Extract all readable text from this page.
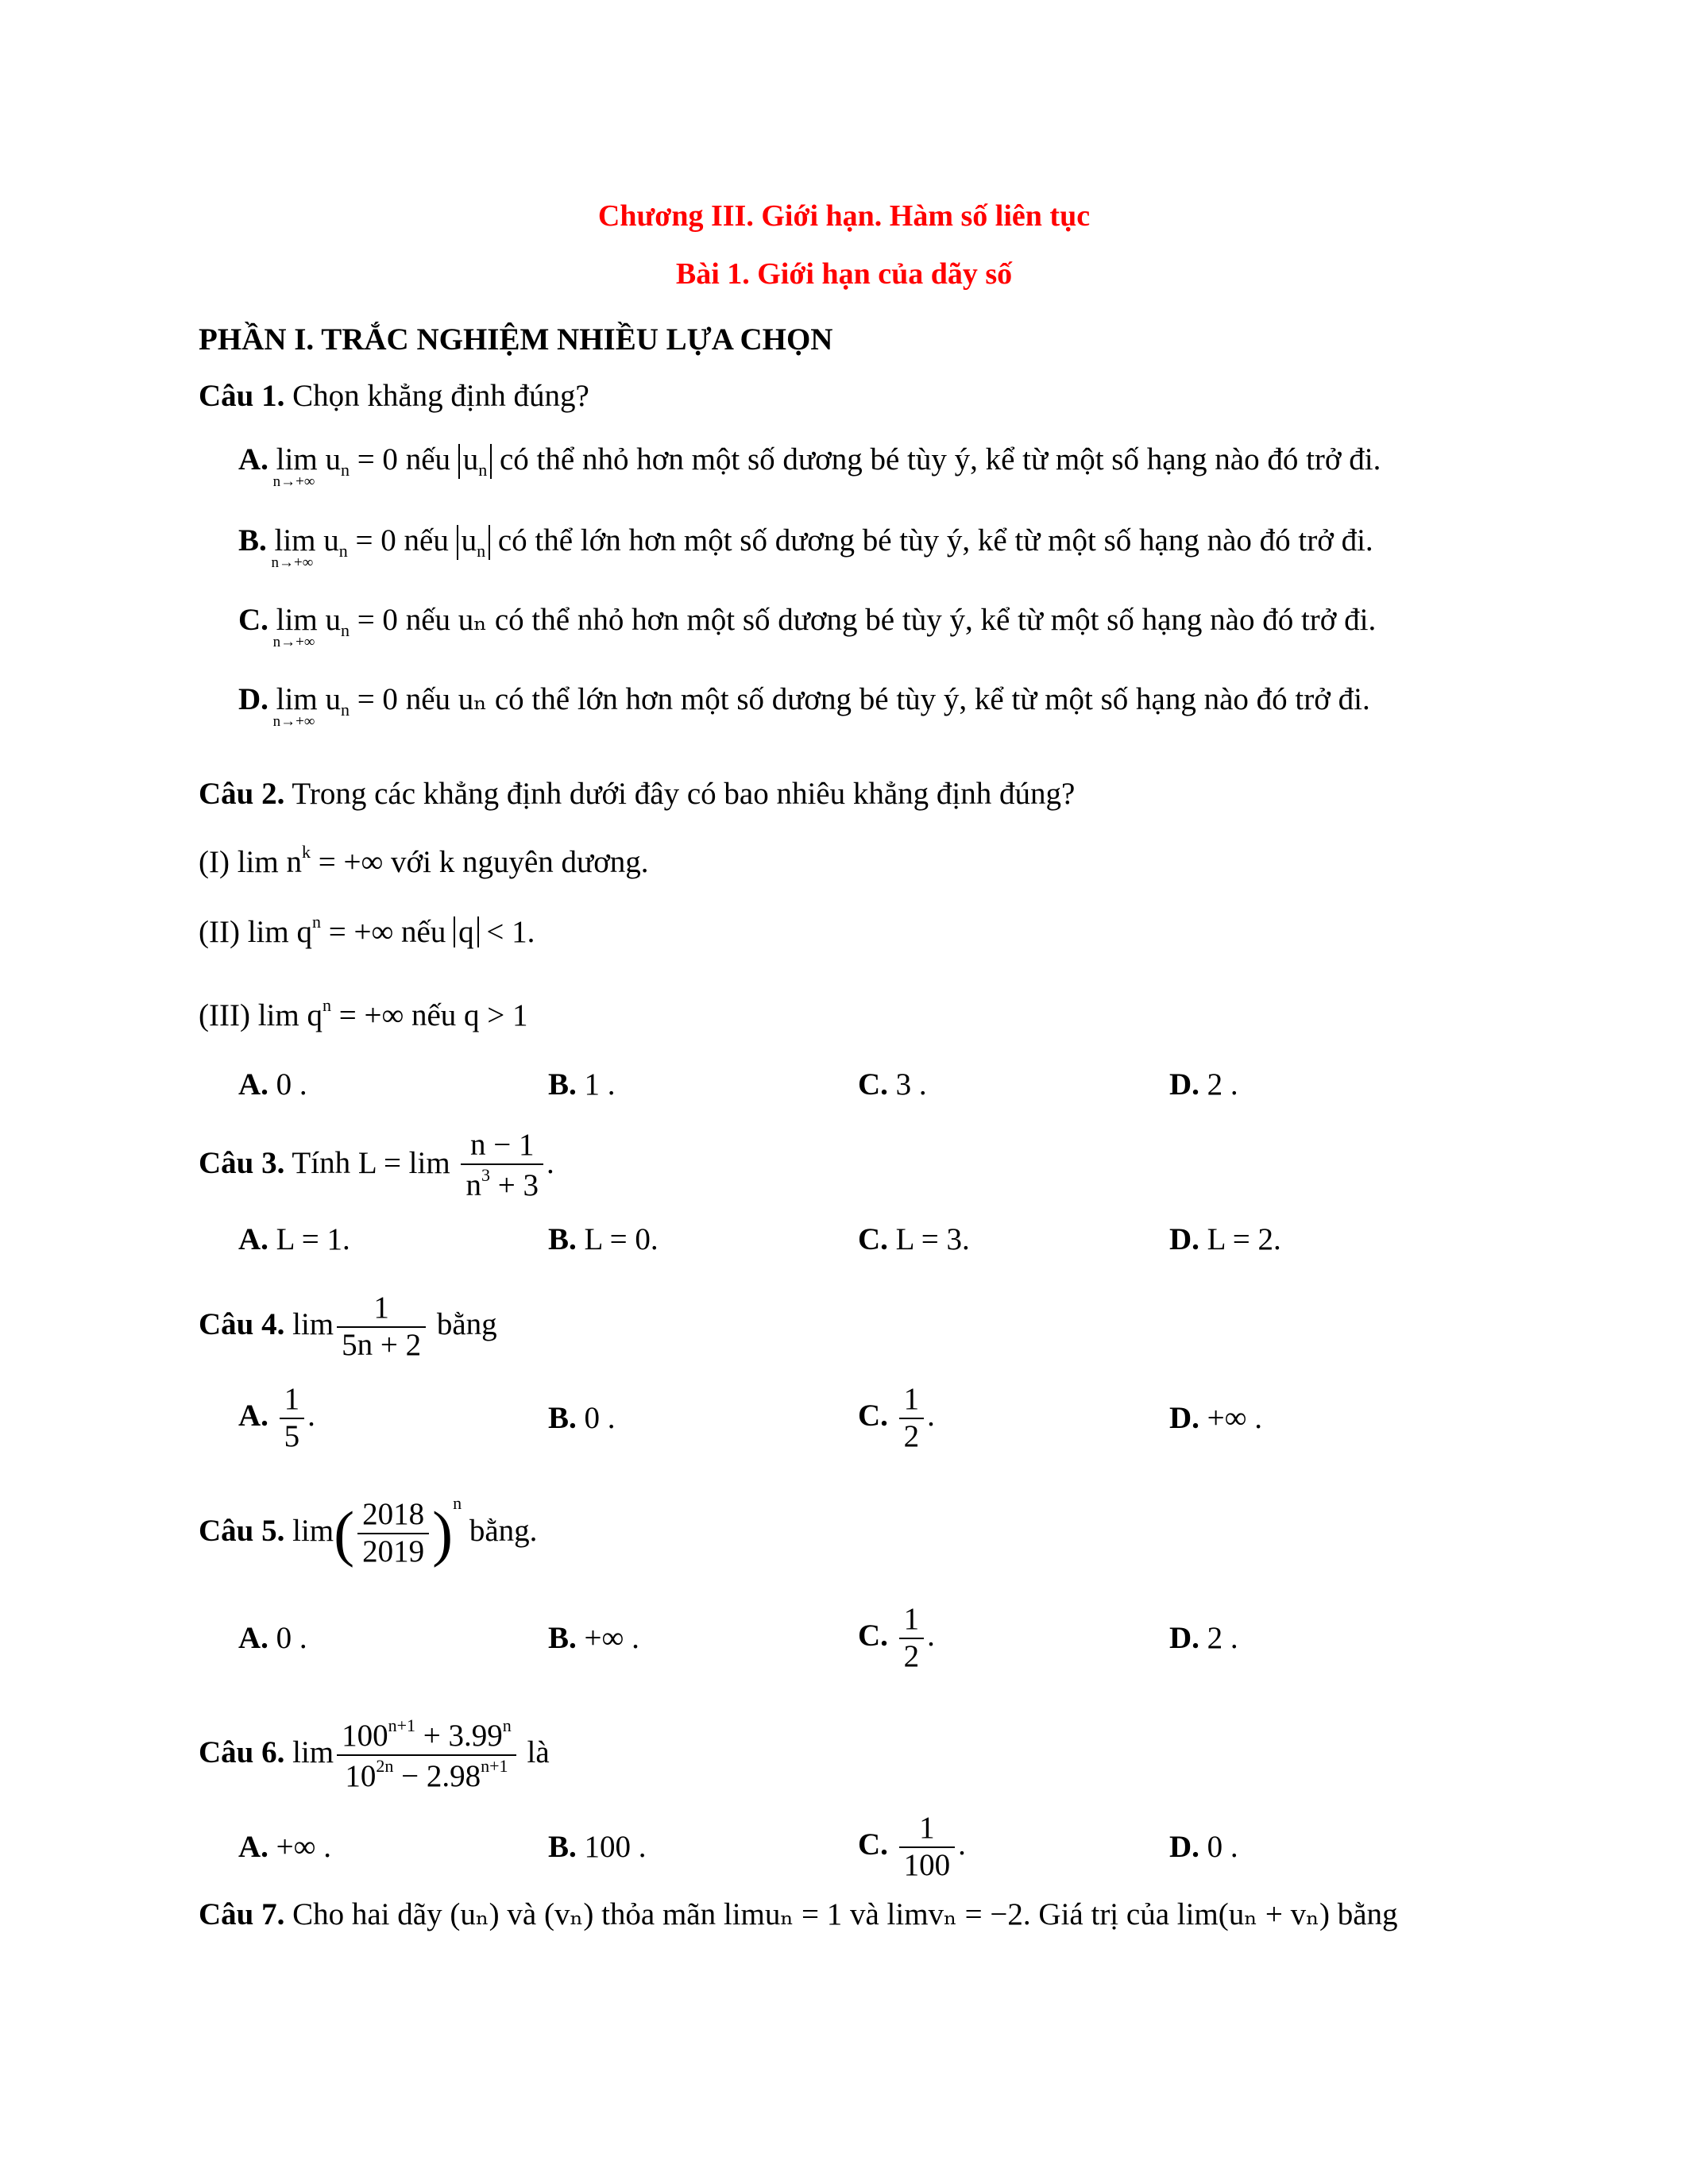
Chương III. Giới hạn. Hàm số liên tục
Bài 1. Giới hạn của dãy số
PHẦN I. TRẮC NGHIỆM NHIỀU LỰA CHỌN
Câu 1. Chọn khẳng định đúng?
A. lim
n→+∞
$u_n = 0$ nếu $u_n$ có thể nhỏ hơn một số dương bé tùy ý, kể từ một số hạng nào đó trở đi.
B. lim
n→+∞
$u_n = 0$ nếu $u_n$ có thể lớn hơn một số dương bé tùy ý, kể từ một số hạng nào đó trở đi.
C. lim
n→+∞
$u_n = 0$ nếu uₙ có thể nhỏ hơn một số dương bé tùy ý, kể từ một số hạng nào đó trở đi.
D. lim
n→+∞
$u_n = 0$ nếu uₙ có thể lớn hơn một số dương bé tùy ý, kể từ một số hạng nào đó trở đi.
Câu 2. Trong các khẳng định dưới đây có bao nhiêu khẳng định đúng?
(I) $\lim n^k$ = +∞ với k nguyên dương.
(II) $\lim q^n$ = +∞ nếu q < 1.
(III) $\lim q^n$ = +∞ nếu q > 1
A. 0 .	B. 1 .	C. 3 .	D. 2 .
Câu 3. Tính $L = \lim \frac{n - 1}{n^3 + 3}$ .
A. L = 1.	B. L = 0.	C. L = 3.	D. L = 2.
Câu 4. $\lim \frac{1}{5n + 2}$ bằng
A. $\frac{1}{5}$ .	B. 0 .	C. $\frac{1}{2}$ .	D. +∞ .
Câu 5. $\lim( \frac{2018}{2019} )^n$ bằng.
A. 0 .	B. +∞ .	C. $\frac{1}{2}$ .	D. 2 .
Câu 6. $\lim \frac{100^{n+1} + 3.99^n}{10^{2n} - 2.98^{n+1}}$ là
A. +∞ .	B. 100 .	C. $\frac{1}{100}$ .	D. 0 .
Câu 7. Cho hai dãy (uₙ) và (vₙ) thỏa mãn limuₙ = 1 và limvₙ = −2. Giá trị của lim(uₙ + vₙ) bằng
